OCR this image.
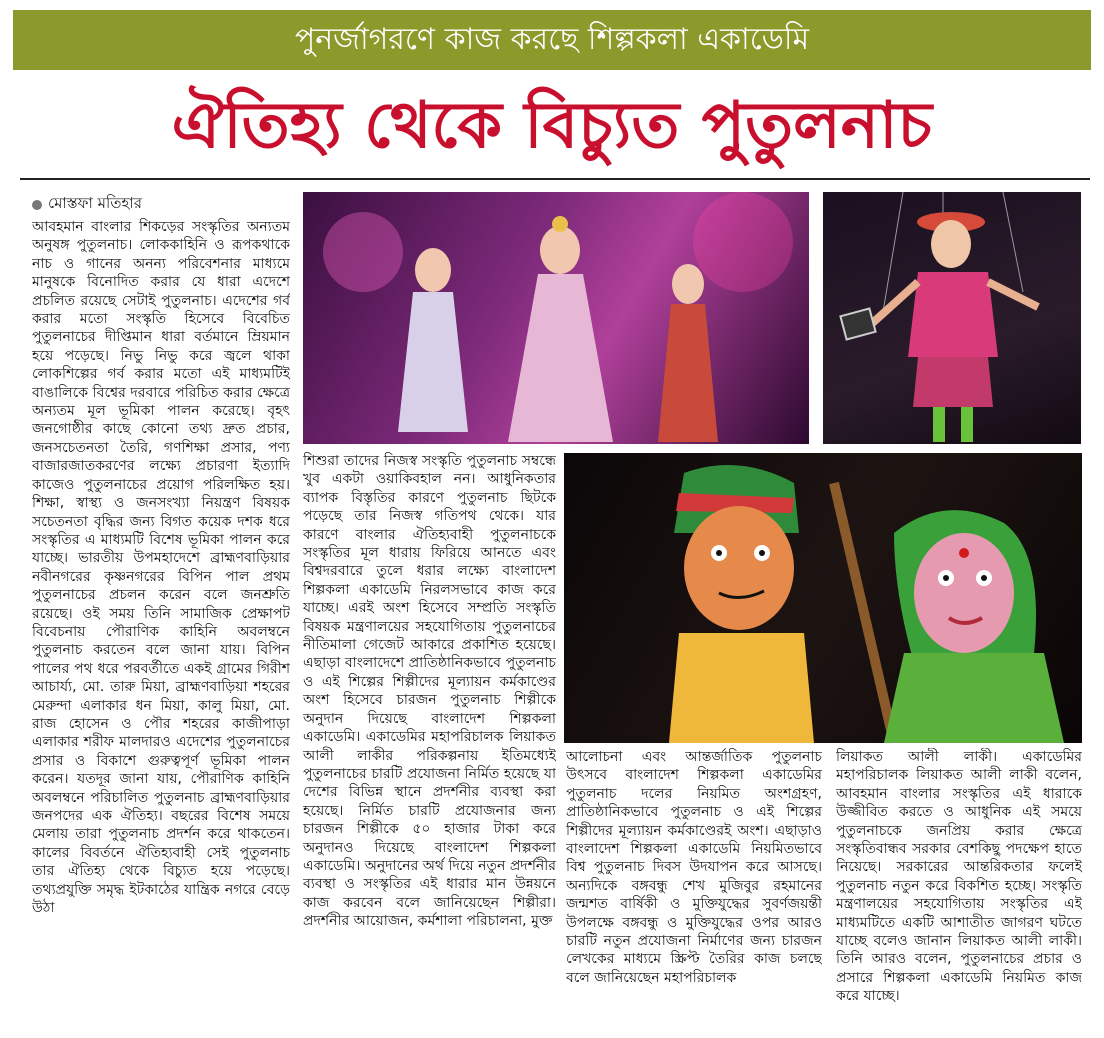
পুনর্জাগরণে কাজ করছে শিল্পকলা একাডেমি
ঐতিহ্য থেকে বিচ্যুত পুতুলনাচ
মোস্তফা মতিহার
আবহমান বাংলার শিকড়ের সংস্কৃতির অন্যতম অনুষঙ্গ পুতুলনাচ। লোককাহিনি ও রূপকথাকে নাচ ও গানের অনন্য পরিবেশনার মাধ্যমে মানুষকে বিনোদিত করার যে ধারা এদেশে প্রচলিত রয়েছে সেটাই পুতুলনাচ। এদেশের গর্ব করার মতো সংস্কৃতি হিসেবে বিবেচিত পুতুলনাচের দীপ্তিমান ধারা বর্তমানে ম্রিয়মান হয়ে পড়েছে। নিভু নিভু করে জ্বলে থাকা লোকশিল্পের গর্ব করার মতো এই মাধ্যমটিই বাঙালিকে বিশ্বের দরবারে পরিচিত করার ক্ষেত্রে অন্যতম মূল ভূমিকা পালন করেছে। বৃহৎ জনগোষ্ঠীর কাছে কোনো তথ্য দ্রুত প্রচার, জনসচেতনতা তৈরি, গণশিক্ষা প্রসার, পণ্য বাজারজাতকরণের লক্ষ্যে প্রচারণা ইত্যাদি কাজেও পুতুলনাচের প্রয়োগ পরিলক্ষিত হয়। শিক্ষা, স্বাস্থ্য ও জনসংখ্যা নিয়ন্ত্রণ বিষয়ক সচেতনতা বৃদ্ধির জন্য বিগত কয়েক দশক ধরে সংস্কৃতির এ মাধ্যমটি বিশেষ ভূমিকা পালন করে যাচ্ছে। ভারতীয় উপমহাদেশে ব্রাহ্মণবাড়িয়ার নবীনগরের কৃষ্ণনগরের বিপিন পাল প্রথম পুতুলনাচের প্রচলন করেন বলে জনশ্রুতি রয়েছে। ওই সময় তিনি সামাজিক প্রেক্ষাপট বিবেচনায় পৌরাণিক কাহিনি অবলম্বনে পুতুলনাচ করতেন বলে জানা যায়। বিপিন পালের পথ ধরে পরবর্তীতে একই গ্রামের গিরীশ আচার্য্য, মো. তারু মিয়া, ব্রাহ্মণবাড়িয়া শহরের মেরুন্দা এলাকার ধন মিয়া, কালু মিয়া, মো. রাজ হোসেন ও পৌর শহরের কাজীপাড়া এলাকার শরীফ মালদারও এদেশের পুতুলনাচের প্রসার ও বিকাশে গুরুত্বপূর্ণ ভূমিকা পালন করেন। যতদূর জানা যায়, পৌরাণিক কাহিনি অবলম্বনে পরিচালিত পুতুলনাচ ব্রাহ্মণবাড়িয়ার জনপদের এক ঐতিহ্য। বছরের বিশেষ সময়ে মেলায় তারা পুতুলনাচ প্রদর্শন করে থাকতেন। কালের বিবর্তনে ঐতিহ্যবাহী সেই পুতুলনাচ তার ঐতিহ্য থেকে বিচ্যুত হয়ে পড়েছে। তথ্যপ্রযুক্তি সমৃদ্ধ ইটকাঠের যান্ত্রিক নগরে বেড়ে উঠা
শিশুরা তাদের নিজস্ব সংস্কৃতি পুতুলনাচ সম্বন্ধে খুব একটা ওয়াকিবহাল নন। আধুনিকতার ব্যাপক বিস্তৃতির কারণে পুতুলনাচ ছিটকে পড়েছে তার নিজস্ব গতিপথ থেকে। যার কারণে বাংলার ঐতিহ্যবাহী পুতুলনাচকে সংস্কৃতির মূল ধারায় ফিরিয়ে আনতে এবং বিশ্বদরবারে তুলে ধরার লক্ষ্যে বাংলাদেশ শিল্পকলা একাডেমি নিরলসভাবে কাজ করে যাচ্ছে। এরই অংশ হিসেবে সম্প্রতি সংস্কৃতি বিষয়ক মন্ত্রণালয়ের সহযোগিতায় পুতুলনাচের নীতিমালা গেজেট আকারে প্রকাশিত হয়েছে। এছাড়া বাংলাদেশে প্রাতিষ্ঠানিকভাবে পুতুলনাচ ও এই শিল্পের শিল্পীদের মূল্যায়ন কর্মকাণ্ডের অংশ হিসেবে চারজন পুতুলনাচ শিল্পীকে অনুদান দিয়েছে বাংলাদেশ শিল্পকলা একাডেমি। একাডেমির মহাপরিচালক লিয়াকত আলী লাকীর পরিকল্পনায় ইতিমধ্যেই পুতুলনাচের চারটি প্রযোজনা নির্মিত হয়েছে যা দেশের বিভিন্ন স্থানে প্রদর্শনীর ব্যবস্থা করা হয়েছে। নির্মিত চারটি প্রযোজনার জন্য চারজন শিল্পীকে ৫০ হাজার টাকা করে অনুদানও দিয়েছে বাংলাদেশ শিল্পকলা একাডেমি। অনুদানের অর্থ দিয়ে নতুন প্রদর্শনীর ব্যবস্থা ও সংস্কৃতির এই ধারার মান উন্নয়নে কাজ করবেন বলে জানিয়েছেন শিল্পীরা। প্রদর্শনীর আয়োজন, কর্মশালা পরিচালনা, মুক্ত
আলোচনা এবং আন্তর্জাতিক পুতুলনাচ উৎসবে বাংলাদেশ শিল্পকলা একাডেমির পুতুলনাচ দলের নিয়মিত অংশগ্রহণ, প্রাতিষ্ঠানিকভাবে পুতুলনাচ ও এই শিল্পের শিল্পীদের মূল্যায়ন কর্মকাণ্ডেরই অংশ। এছাড়াও বাংলাদেশ শিল্পকলা একাডেমি নিয়মিতভাবে বিশ্ব পুতুলনাচ দিবস উদযাপন করে আসছে। অন্যদিকে বঙ্গবন্ধু শেখ মুজিবুর রহমানের জন্মশত বার্ষিকী ও মুক্তিযুদ্ধের সুবর্ণজয়ন্তী উপলক্ষে বঙ্গবন্ধু ও মুক্তিযুদ্ধের ওপর আরও চারটি নতুন প্রযোজনা নির্মাণের জন্য চারজন লেখকের মাধ্যমে স্ক্রিপ্ট তৈরির কাজ চলছে বলে জানিয়েছেন মহাপরিচালক
লিয়াকত আলী লাকী। একাডেমির মহাপরিচালক লিয়াকত আলী লাকী বলেন, আবহমান বাংলার সংস্কৃতির এই ধারাকে উজ্জীবিত করতে ও আধুনিক এই সময়ে পুতুলনাচকে জনপ্রিয় করার ক্ষেত্রে সংস্কৃতিবান্ধব সরকার বেশকিছু পদক্ষেপ হাতে নিয়েছে। সরকারের আন্তরিকতার ফলেই পুতুলনাচ নতুন করে বিকশিত হচ্ছে। সংস্কৃতি মন্ত্রণালয়ের সহযোগিতায় সংস্কৃতির এই মাধ্যমটিতে একটি আশাতীত জাগরণ ঘটতে যাচ্ছে বলেও জানান লিয়াকত আলী লাকী। তিনি আরও বলেন, পুতুলনাচের প্রচার ও প্রসারে শিল্পকলা একাডেমি নিয়মিত কাজ করে যাচ্ছে।
